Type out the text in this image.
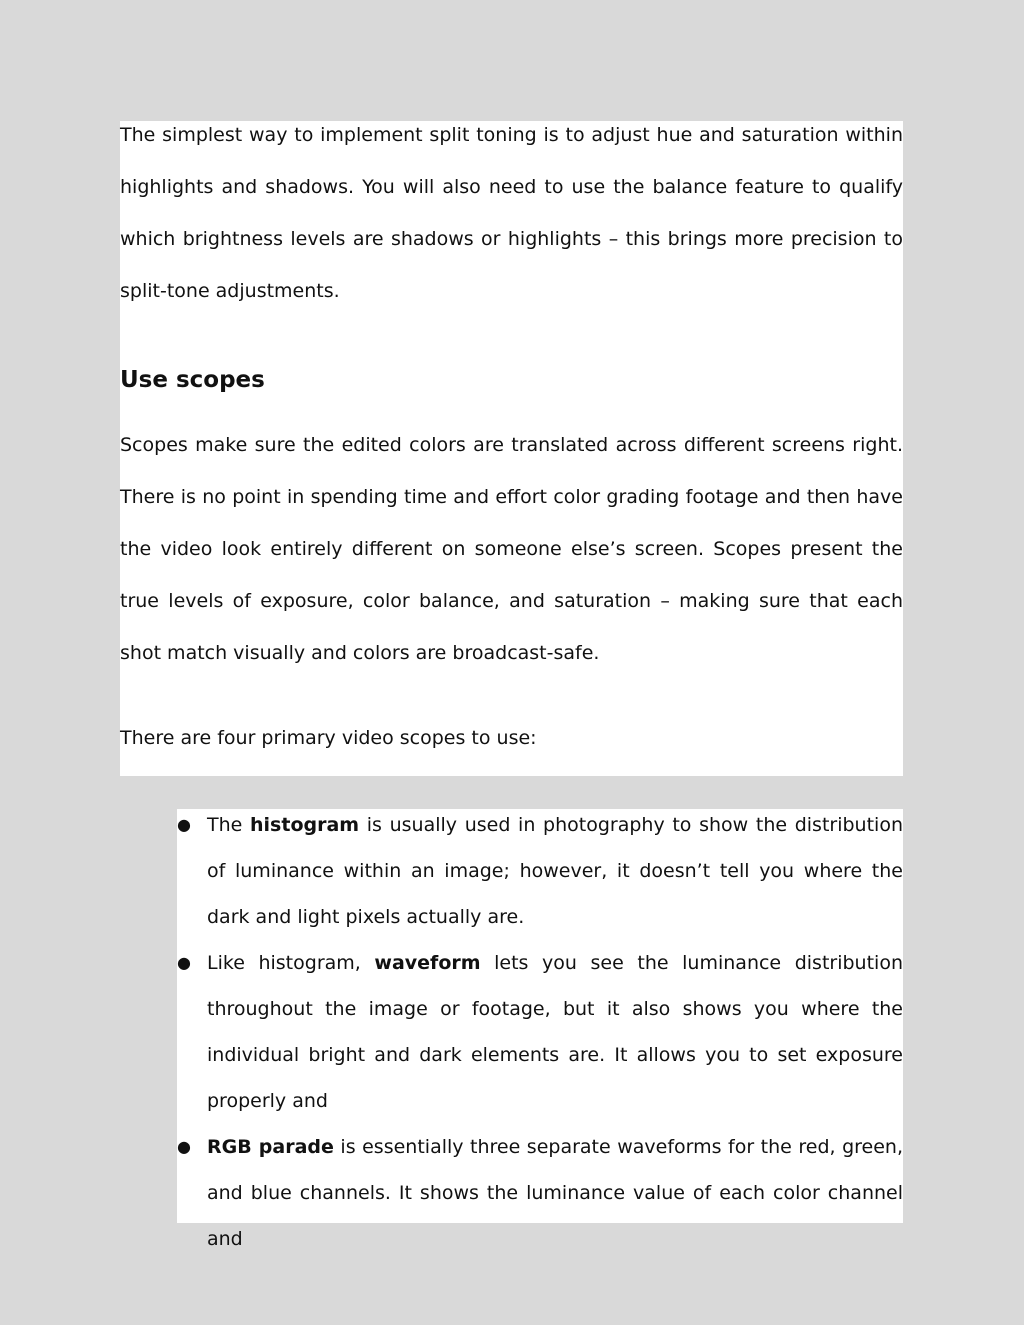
The simplest way to implement split toning is to adjust hue and saturation within highlights and shadows. You will also need to use the balance feature to qualify which brightness levels are shadows or highlights – this brings more precision to split-tone adjustments.

Use scopes

Scopes make sure the edited colors are translated across different screens right. There is no point in spending time and effort color grading footage and then have the video look entirely different on someone else’s screen. Scopes present the true levels of exposure, color balance, and saturation – making sure that each shot match visually and colors are broadcast-safe.

There are four primary video scopes to use:

● The histogram is usually used in photography to show the distribution of luminance within an image; however, it doesn’t tell you where the dark and light pixels actually are.

● Like histogram, waveform lets you see the luminance distribution throughout the image or footage, but it also shows you where the individual bright and dark elements are. It allows you to set exposure properly and

● RGB parade is essentially three separate waveforms for the red, green, and blue channels. It shows the luminance value of each color channel and
